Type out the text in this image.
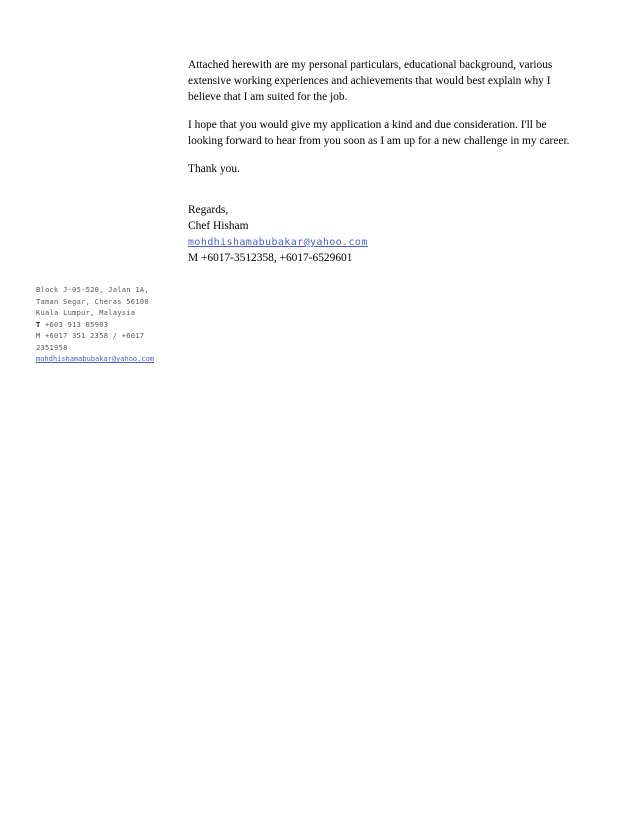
Attached herewith are my personal particulars, educational background, various extensive working experiences and achievements that would best explain why I believe that I am suited for the job.

I hope that you would give my application a kind and due consideration. I'll be looking forward to hear from you soon as I am up for a new challenge in my career.

Thank you.

Regards,
Chef Hisham
mohdhishamabubakar@yahoo.com
M +6017-3512358, +6017-6529601
Block J-05-520, Jalan 1A,
Taman Segar, Cheras 56100
Kuala Lumpur, Malaysia
T +603 913 05903
M +6017 351 2358 / +6017
2351958
mohdhishamabubakar@yahoo.com
